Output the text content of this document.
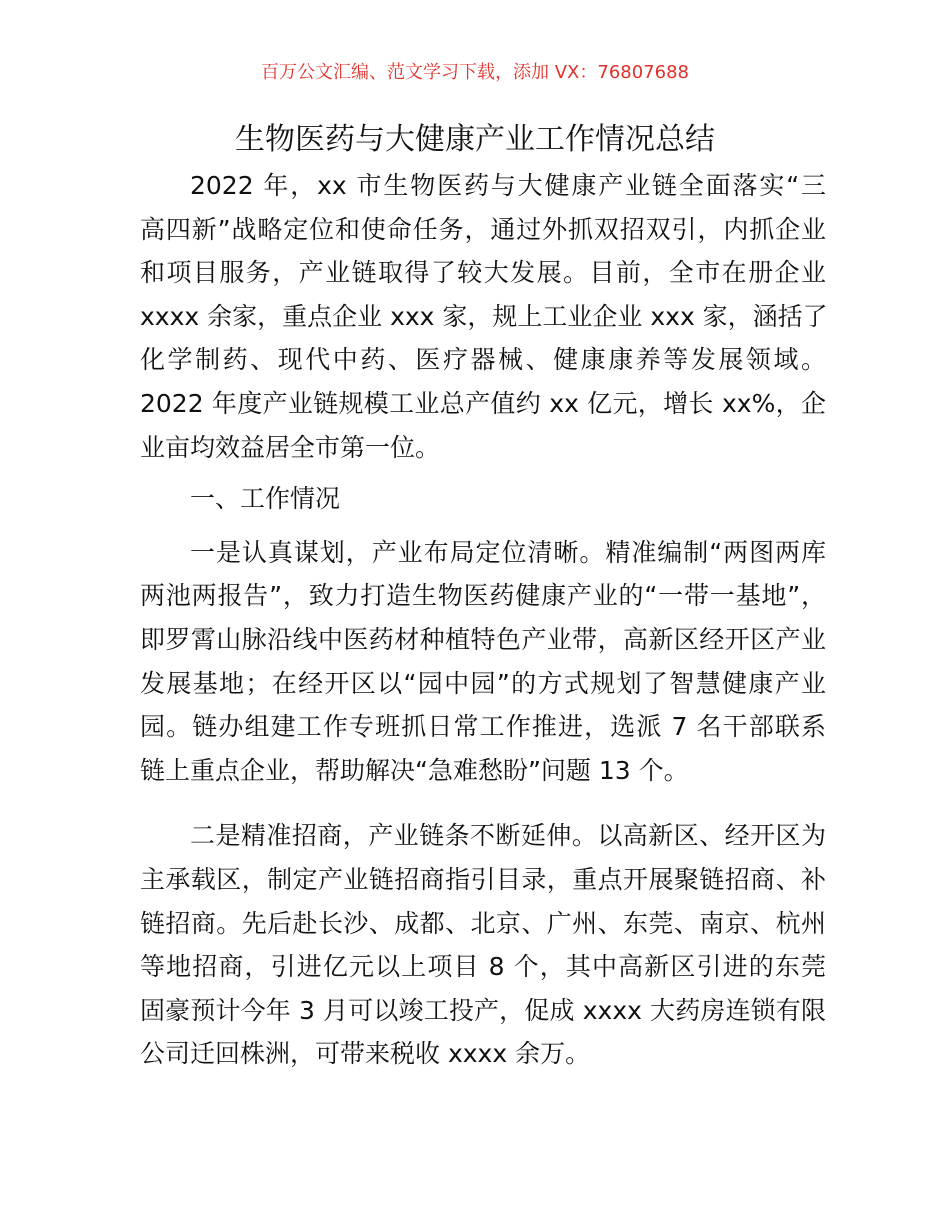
百万公文汇编、范文学习下载，添加 VX：76807688
生物医药与大健康产业工作情况总结
2022 年，xx 市生物医药与大健康产业链全面落实“三
高四新”战略定位和使命任务，通过外抓双招双引，内抓企业
和项目服务，产业链取得了较大发展。目前，全市在册企业
xxxx 余家，重点企业 xxx 家，规上工业企业 xxx 家，涵括了
化学制药、现代中药、医疗器械、健康康养等发展领域。
2022 年度产业链规模工业总产值约 xx 亿元，增长 xx%，企
业亩均效益居全市第一位。
一、工作情况
一是认真谋划，产业布局定位清晰。精准编制“两图两库
两池两报告”，致力打造生物医药健康产业的“一带一基地”，
即罗霄山脉沿线中医药材种植特色产业带，高新区经开区产业
发展基地；在经开区以“园中园”的方式规划了智慧健康产业
园。链办组建工作专班抓日常工作推进，选派 7 名干部联系
链上重点企业，帮助解决“急难愁盼”问题 13 个。
二是精准招商，产业链条不断延伸。以高新区、经开区为
主承载区，制定产业链招商指引目录，重点开展聚链招商、补
链招商。先后赴长沙、成都、北京、广州、东莞、南京、杭州
等地招商，引进亿元以上项目 8 个，其中高新区引进的东莞
固豪预计今年 3 月可以竣工投产，促成 xxxx 大药房连锁有限
公司迁回株洲，可带来税收 xxxx 余万。
